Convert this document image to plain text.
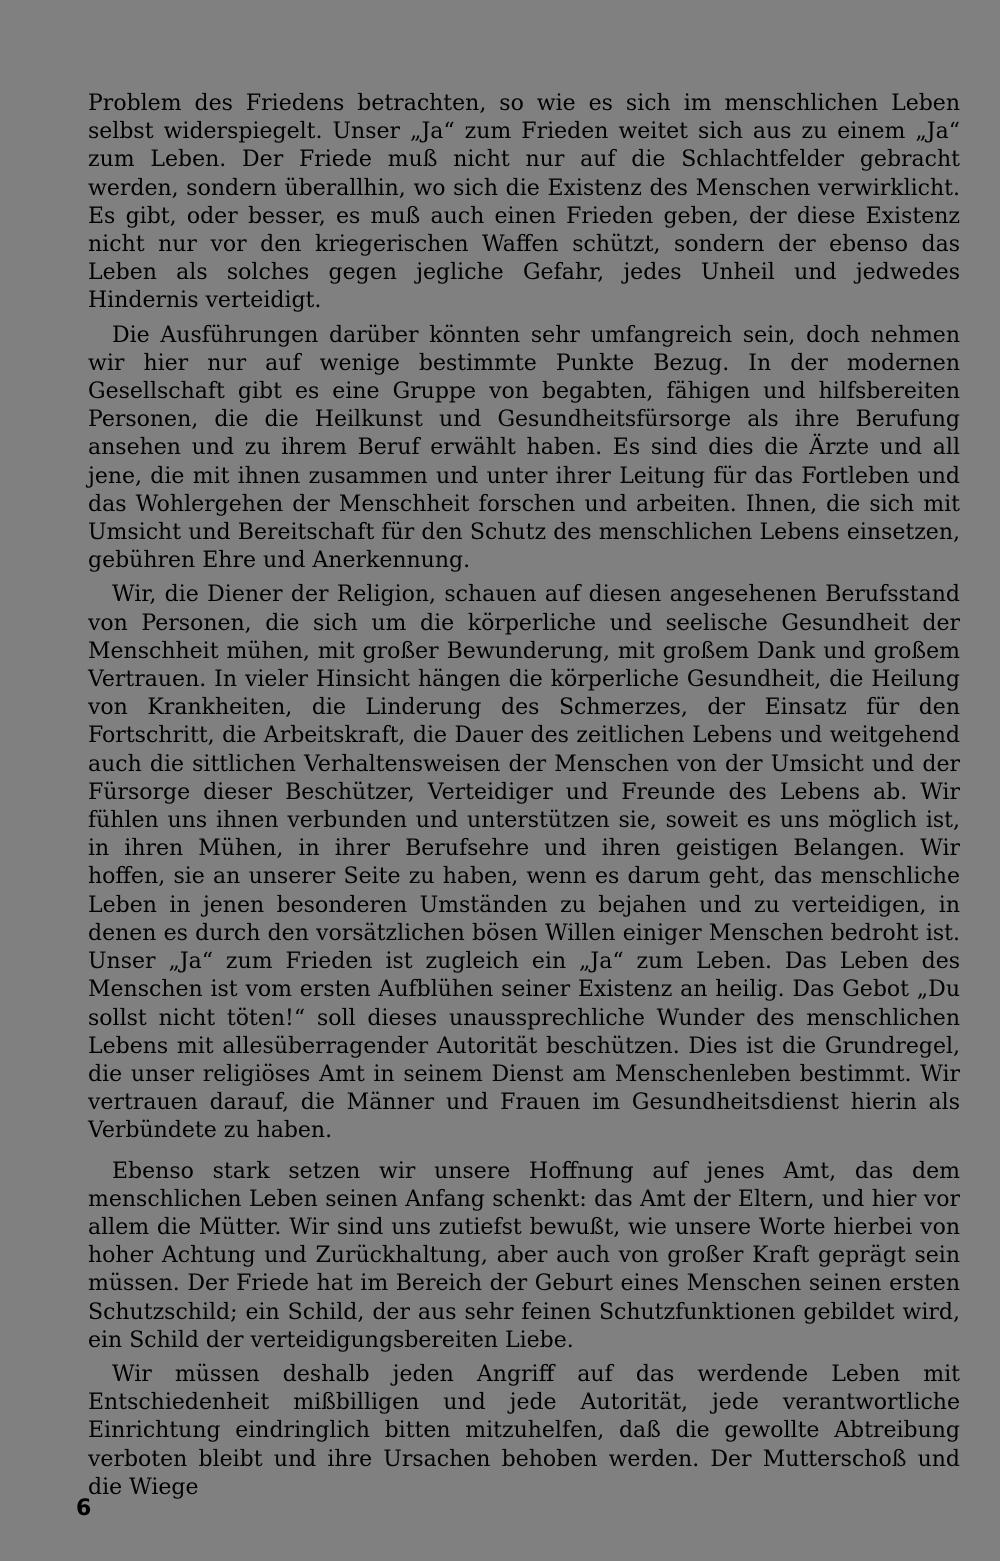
Problem des Friedens betrachten, so wie es sich im menschlichen Leben selbst widerspiegelt. Unser „Ja“ zum Frieden weitet sich aus zu einem „Ja“ zum Leben. Der Friede muß nicht nur auf die Schlachtfelder gebracht werden, sondern überallhin, wo sich die Existenz des Menschen verwirklicht. Es gibt, oder besser, es muß auch einen Frieden geben, der diese Existenz nicht nur vor den kriegerischen Waffen schützt, sondern der ebenso das Leben als solches gegen jegliche Gefahr, jedes Unheil und jedwedes Hindernis verteidigt.

Die Ausführungen darüber könnten sehr umfangreich sein, doch nehmen wir hier nur auf wenige bestimmte Punkte Bezug. In der modernen Gesellschaft gibt es eine Gruppe von begabten, fähigen und hilfsbereiten Personen, die die Heilkunst und Gesundheitsfürsorge als ihre Berufung ansehen und zu ihrem Beruf erwählt haben. Es sind dies die Ärzte und all jene, die mit ihnen zusammen und unter ihrer Leitung für das Fortleben und das Wohlergehen der Menschheit forschen und arbeiten. Ihnen, die sich mit Umsicht und Bereitschaft für den Schutz des menschlichen Lebens einsetzen, gebühren Ehre und Anerkennung.

Wir, die Diener der Religion, schauen auf diesen angesehenen Berufsstand von Personen, die sich um die körperliche und seelische Gesundheit der Menschheit mühen, mit großer Bewunderung, mit großem Dank und großem Vertrauen. In vieler Hinsicht hängen die körperliche Gesundheit, die Heilung von Krankheiten, die Linderung des Schmerzes, der Einsatz für den Fortschritt, die Arbeitskraft, die Dauer des zeitlichen Lebens und weitgehend auch die sittlichen Verhaltensweisen der Menschen von der Umsicht und der Fürsorge dieser Beschützer, Verteidiger und Freunde des Lebens ab. Wir fühlen uns ihnen verbunden und unterstützen sie, soweit es uns möglich ist, in ihren Mühen, in ihrer Berufsehre und ihren geistigen Belangen. Wir hoffen, sie an unserer Seite zu haben, wenn es darum geht, das menschliche Leben in jenen besonderen Umständen zu bejahen und zu verteidigen, in denen es durch den vorsätzlichen bösen Willen einiger Menschen bedroht ist. Unser „Ja“ zum Frieden ist zugleich ein „Ja“ zum Leben. Das Leben des Menschen ist vom ersten Aufblühen seiner Existenz an heilig. Das Gebot „Du sollst nicht töten!“ soll dieses unaussprechliche Wunder des menschlichen Lebens mit allesüberragender Autorität beschützen. Dies ist die Grundregel, die unser religiöses Amt in seinem Dienst am Menschenleben bestimmt. Wir vertrauen darauf, die Männer und Frauen im Gesundheitsdienst hierin als Verbündete zu haben.

Ebenso stark setzen wir unsere Hoffnung auf jenes Amt, das dem menschlichen Leben seinen Anfang schenkt: das Amt der Eltern, und hier vor allem die Mütter. Wir sind uns zutiefst bewußt, wie unsere Worte hierbei von hoher Achtung und Zurückhaltung, aber auch von großer Kraft geprägt sein müssen. Der Friede hat im Bereich der Geburt eines Menschen seinen ersten Schutzschild; ein Schild, der aus sehr feinen Schutzfunktionen gebildet wird, ein Schild der verteidigungsbereiten Liebe.

Wir müssen deshalb jeden Angriff auf das werdende Leben mit Entschiedenheit mißbilligen und jede Autorität, jede verantwortliche Einrichtung eindringlich bitten mitzuhelfen, daß die gewollte Abtreibung verboten bleibt und ihre Ursachen behoben werden. Der Mutterschoß und die Wiege

6
